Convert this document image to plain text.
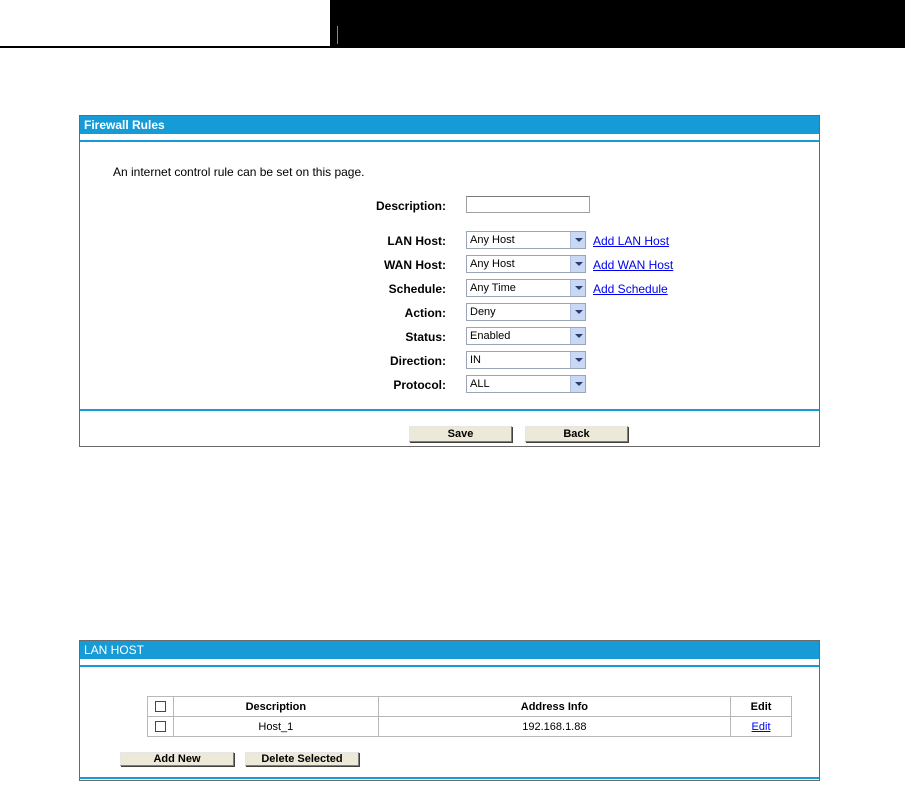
Firewall Rules
An internet control rule can be set on this page.
Description:
LAN Host:	Any Host	Add LAN Host
WAN Host:	Any Host	Add WAN Host
Schedule:	Any Time	Add Schedule
Action:	Deny
Status:	Enabled
Direction:	IN
Protocol:	ALL
Save	Back
LAN HOST
	Description	Address Info	Edit
	Host_1	192.168.1.88	Edit
Add New	Delete Selected
